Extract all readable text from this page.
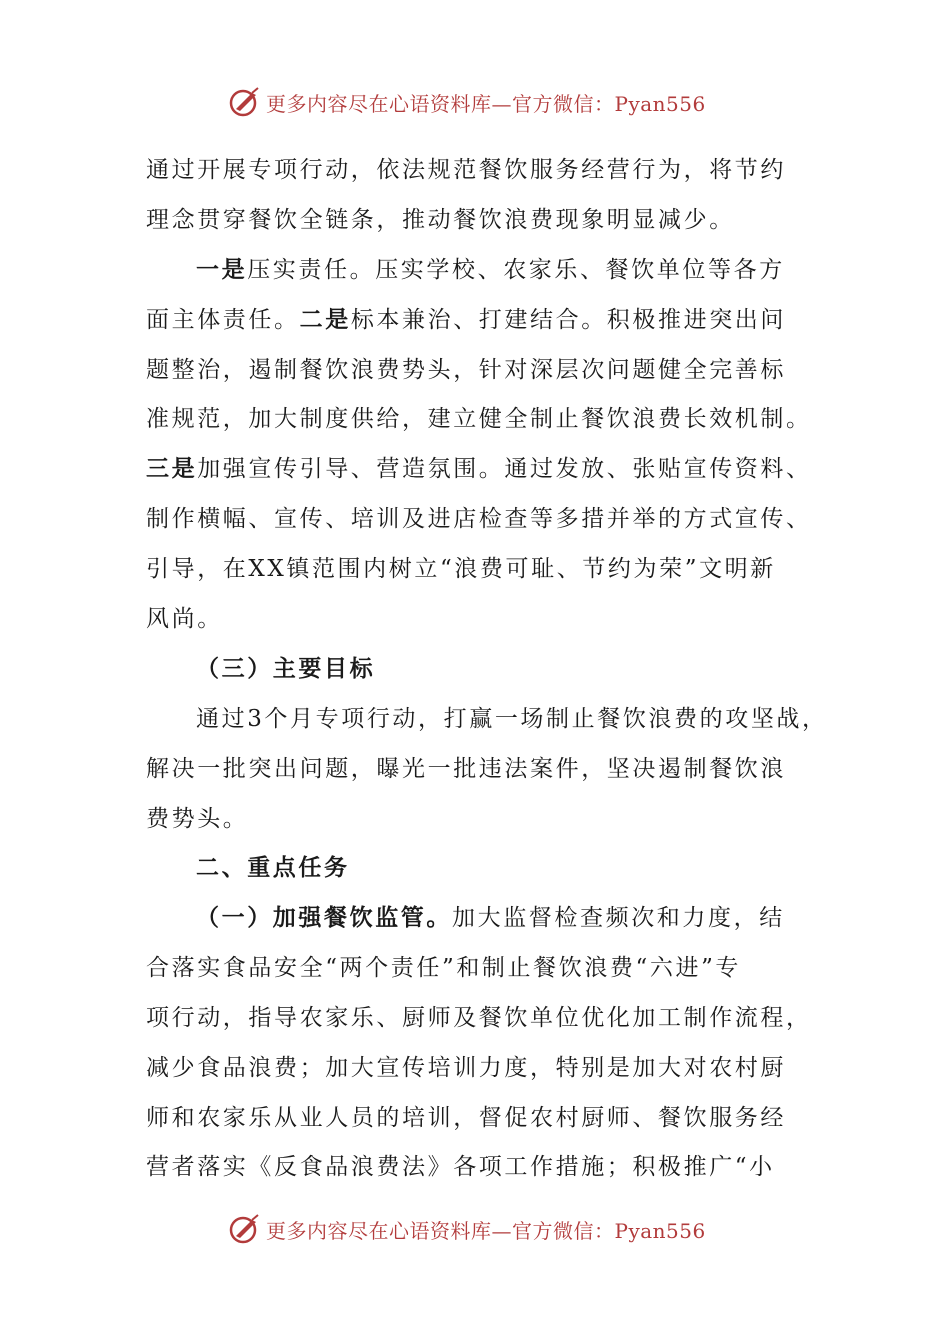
更多内容尽在心语资料库—官方微信：Pyan556
通过开展专项行动，依法规范餐饮服务经营行为，将节约
理念贯穿餐饮全链条，推动餐饮浪费现象明显减少。
一是压实责任。压实学校、农家乐、餐饮单位等各方
面主体责任。二是标本兼治、打建结合。积极推进突出问
题整治，遏制餐饮浪费势头，针对深层次问题健全完善标
准规范，加大制度供给，建立健全制止餐饮浪费长效机制。
三是加强宣传引导、营造氛围。通过发放、张贴宣传资料、
制作横幅、宣传、培训及进店检查等多措并举的方式宣传、
引导，在XX镇范围内树立“浪费可耻、节约为荣”文明新
风尚。
（三）主要目标
通过3个月专项行动，打赢一场制止餐饮浪费的攻坚战，
解决一批突出问题，曝光一批违法案件，坚决遏制餐饮浪
费势头。
二、重点任务
（一）加强餐饮监管。加大监督检查频次和力度，结
合落实食品安全“两个责任”和制止餐饮浪费“六进”专
项行动，指导农家乐、厨师及餐饮单位优化加工制作流程，
减少食品浪费；加大宣传培训力度，特别是加大对农村厨
师和农家乐从业人员的培训，督促农村厨师、餐饮服务经
营者落实《反食品浪费法》各项工作措施；积极推广“小
更多内容尽在心语资料库—官方微信：Pyan556
